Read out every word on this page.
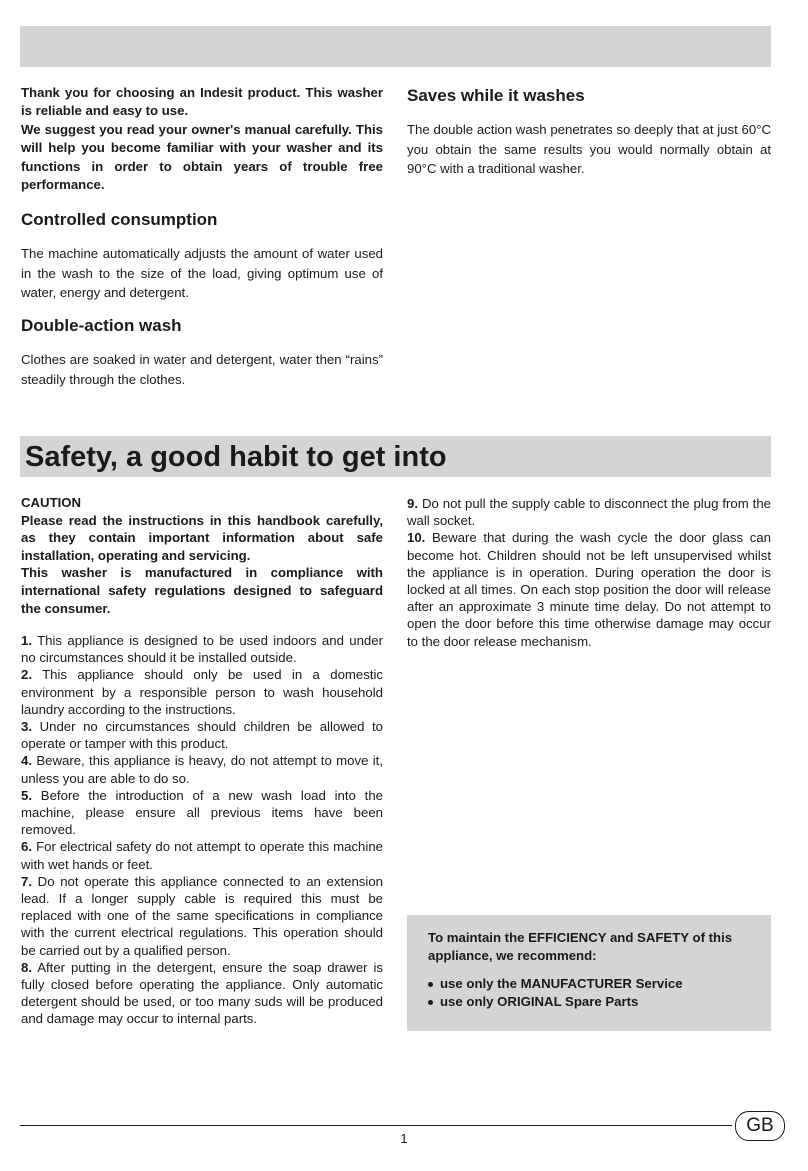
Thank you for choosing an Indesit product. This washer is reliable and easy to use.

We suggest you read your owner's manual carefully. This will help you become familiar with your washer and its functions in order to obtain years of trouble free performance.

Controlled consumption

The machine automatically adjusts the amount of water used in the wash to the size of the load, giving optimum use of water, energy and detergent.

Double-action wash

Clothes are soaked in water and detergent, water then “rains” steadily through the clothes.

Saves while it washes

The double action wash penetrates so deeply that at just 60°C you obtain the same results you would normally obtain at 90°C with a traditional washer.

Safety, a good habit to get into

CAUTION

Please read the instructions in this handbook carefully, as they contain important information about safe installation, operating and servicing.

This washer is manufactured in compliance with international safety regulations designed to safeguard the consumer.

1. This appliance is designed to be used indoors and under no circumstances should it be installed outside.

2. This appliance should only be used in a domestic environment by a responsible person to wash household laundry according to the instructions.

3. Under no circumstances should children be allowed to operate or tamper with this product.

4. Beware, this appliance is heavy, do not attempt to move it, unless you are able to do so.

5. Before the introduction of a new wash load into the machine, please ensure all previous items have been removed.

6. For electrical safety do not attempt to operate this machine with wet hands or feet.

7. Do not operate this appliance connected to an extension lead. If a longer supply cable is required this must be replaced with one of the same specifications in compliance with the current electrical regulations. This operation should be carried out by a qualified person.

8. After putting in the detergent, ensure the soap drawer is fully closed before operating the appliance. Only automatic detergent should be used, or too many suds will be produced and damage may occur to internal parts.

9. Do not pull the supply cable to disconnect the plug from the wall socket.

10. Beware that during the wash cycle the door glass can become hot. Children should not be left unsupervised whilst the appliance is in operation. During operation the door is locked at all times. On each stop position the door will release after an approximate 3 minute time delay. Do not attempt to open the door before this time otherwise damage may occur to the door release mechanism.

To maintain the EFFICIENCY and SAFETY of this appliance, we recommend:

use only the MANUFACTURER Service
use only ORIGINAL Spare Parts
GB
1
